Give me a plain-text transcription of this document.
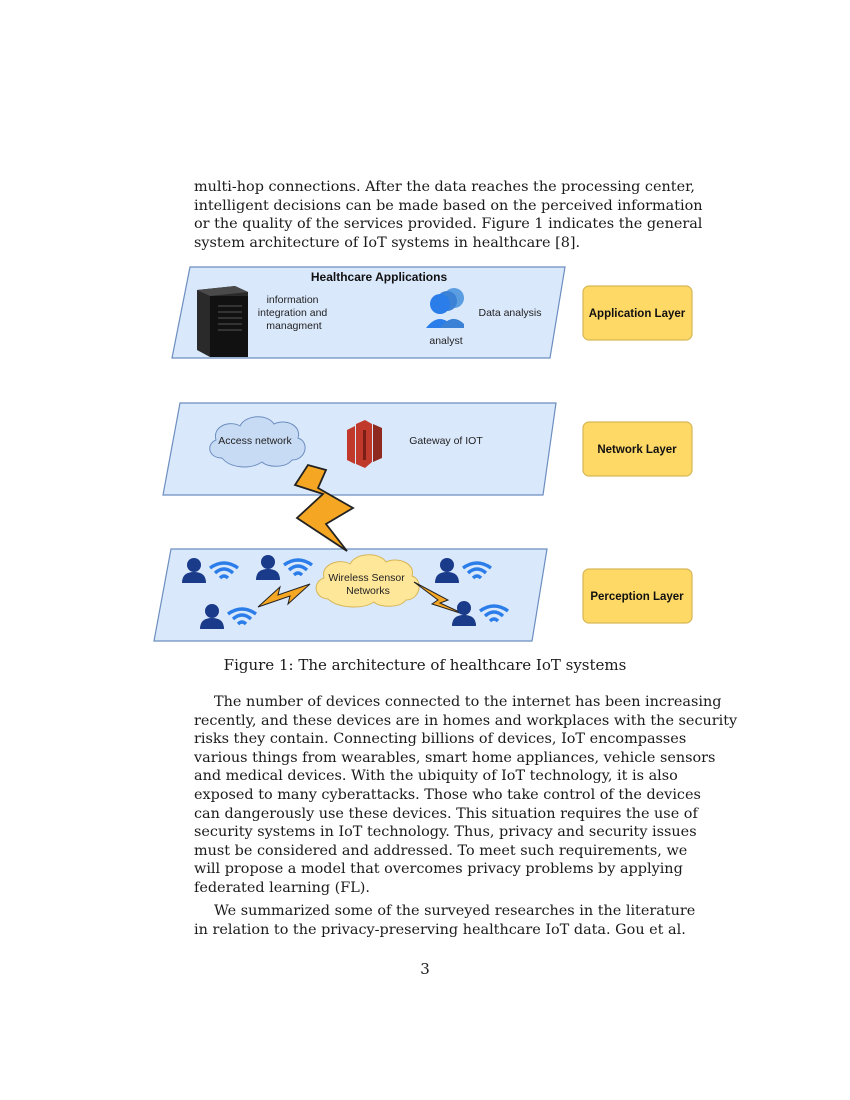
multi-hop connections. After the data reaches the processing center,
intelligent decisions can be made based on the perceived information
or the quality of the services provided. Figure 1 indicates the general
system architecture of IoT systems in healthcare [8].
Healthcare Applications
information integration and managment
Data analysis
analyst
Application Layer
Access network	Gateway of IOT
Network Layer
Wireless Sensor Networks	Perception Layer
Figure 1: The architecture of healthcare IoT systems
The number of devices connected to the internet has been increasing
recently, and these devices are in homes and workplaces with the security
risks they contain. Connecting billions of devices, IoT encompasses
various things from wearables, smart home appliances, vehicle sensors
and medical devices. With the ubiquity of IoT technology, it is also
exposed to many cyberattacks. Those who take control of the devices
can dangerously use these devices. This situation requires the use of
security systems in IoT technology. Thus, privacy and security issues
must be considered and addressed. To meet such requirements, we
will propose a model that overcomes privacy problems by applying
federated learning (FL).
We summarized some of the surveyed researches in the literature
in relation to the privacy-preserving healthcare IoT data. Gou et al.
3
